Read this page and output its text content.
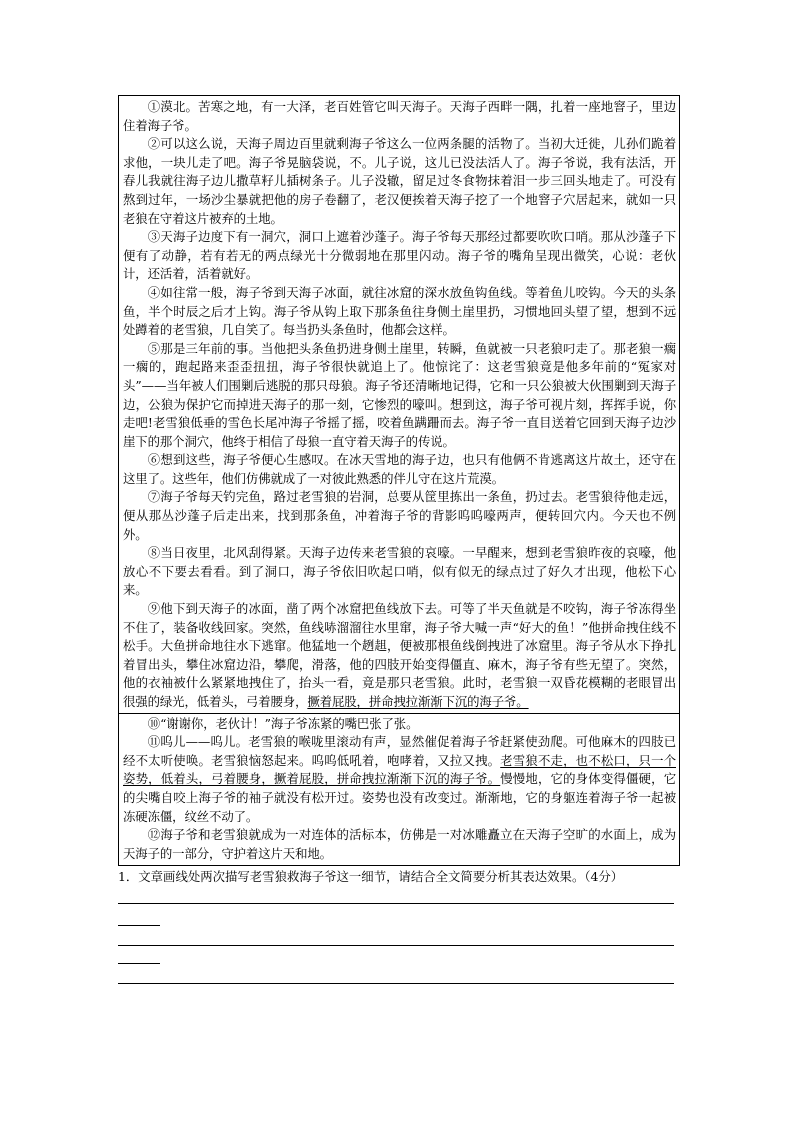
①漠北。苦寒之地，有一大泽，老百姓管它叫天海子。天海子西畔一隅，扎着一座地窨子，里边住着海子爷。

②可以这么说，天海子周边百里就剩海子爷这么一位两条腿的活物了。当初大迁徙，儿孙们跪着求他，一块儿走了吧。海子爷晃脑袋说，不。儿子说，这儿已没法活人了。海子爷说，我有法活，开春儿我就往海子边儿撒草籽儿插树条子。儿子没辙，留足过冬食物抹着泪一步三回头地走了。可没有熬到过年，一场沙尘暴就把他的房子卷翻了，老汉便挨着天海子挖了一个地窨子穴居起来，就如一只老狼在守着这片被弃的土地。

③天海子边度下有一洞穴，洞口上遮着沙蓬子。海子爷每天那经过都要吹吹口哨。那从沙蓬子下便有了动静，若有若无的两点绿光十分微弱地在那里闪动。海子爷的嘴角呈现出微笑，心说：老伙计，还活着，活着就好。

④如往常一般，海子爷到天海子冰面，就往冰窟的深水放鱼钩鱼线。等着鱼儿咬钩。今天的头条鱼，半个时辰之后才上钩。海子爷从钩上取下那条鱼往身侧土崖里扔，习惯地回头望了望，想到不远处蹲着的老雪狼，几自笑了。每当扔头条鱼时，他都会这样。

⑤那是三年前的事。当他把头条鱼扔进身侧土崖里，转瞬，鱼就被一只老狼叼走了。那老狼一瘸一瘸的，跑起路来歪歪扭扭，海子爷很快就追上了。他惊诧了：这老雪狼竟是他多年前的“冤家对头”——当年被人们围剿后逃脱的那只母狼。海子爷还清晰地记得，它和一只公狼被大伙围剿到天海子边，公狼为保护它而掉进天海子的那一刻，它惨烈的嚎叫。想到这，海子爷可视片刻，挥挥手说，你走吧!老雪狼低垂的雪色长尾冲海子爷摇了摇，咬着鱼蹒跚而去。海子爷一直目送着它回到天海子边沙崖下的那个洞穴，他终于相信了母狼一直守着天海子的传说。

⑥想到这些，海子爷便心生感叹。在冰天雪地的海子边，也只有他俩不肯逃离这片故土，还守在这里了。这些年，他们仿佛就成了一对彼此熟悉的伴儿守在这片荒漠。

⑦海子爷每天钓完鱼，路过老雪狼的岩洞，总要从筐里拣出一条鱼，扔过去。老雪狼待他走远，便从那丛沙蓬子后走出来，找到那条鱼，冲着海子爷的背影呜呜嚎两声，便转回穴内。今天也不例外。

⑧当日夜里，北风刮得紧。天海子边传来老雪狼的哀嚎。一早醒来，想到老雪狼昨夜的哀嚎，他放心不下要去看看。到了洞口，海子爷依旧吹起口哨，似有似无的绿点过了好久才出现，他松下心来。

⑨他下到天海子的冰面，凿了两个冰窟把鱼线放下去。可等了半天鱼就是不咬钩，海子爷冻得坐不住了，装备收线回家。突然，鱼线哧溜溜往水里窜，海子爷大喊一声“好大的鱼！”他拼命拽住线不松手。大鱼拼命地往水下逃窜。他猛地一个趔趄，便被那根鱼线倒拽进了冰窟里。海子爷从水下挣扎着冒出头，攀住冰窟边沿，攀爬，滑落，他的四肢开始变得僵直、麻木，海子爷有些无望了。突然，他的衣袖被什么紧紧地拽住了，抬头一看，竟是那只老雪狼。此时，老雪狼一双昏花模糊的老眼冒出很强的绿光，低着头，弓着腰身，撅着屁股，拼命拽拉渐渐下沉的海子爷。

⑩“谢谢你，老伙计！”海子爷冻紧的嘴巴张了张。

⑪呜儿——呜儿。老雪狼的喉咙里滚动有声，显然催促着海子爷赶紧使劲爬。可他麻木的四肢已经不太听使唤。老雪狼恼怒起来。呜呜低吼着，咆哮着，又拉又拽。老雪狼不走，也不松口，只一个姿势，低着头，弓着腰身，撅着屁股，拼命拽拉渐渐下沉的海子爷。慢慢地，它的身体变得僵硬，它的尖嘴自咬上海子爷的袖子就没有松开过。姿势也没有改变过。渐渐地，它的身躯连着海子爷一起被冻硬冻僵，纹丝不动了。

⑫海子爷和老雪狼就成为一对连体的活标本，仿佛是一对冰雕矗立在天海子空旷的水面上，成为天海子的一部分，守护着这片天和地。

1．文章画线处两次描写老雪狼救海子爷这一细节，请结合全文简要分析其表达效果。（4分）
